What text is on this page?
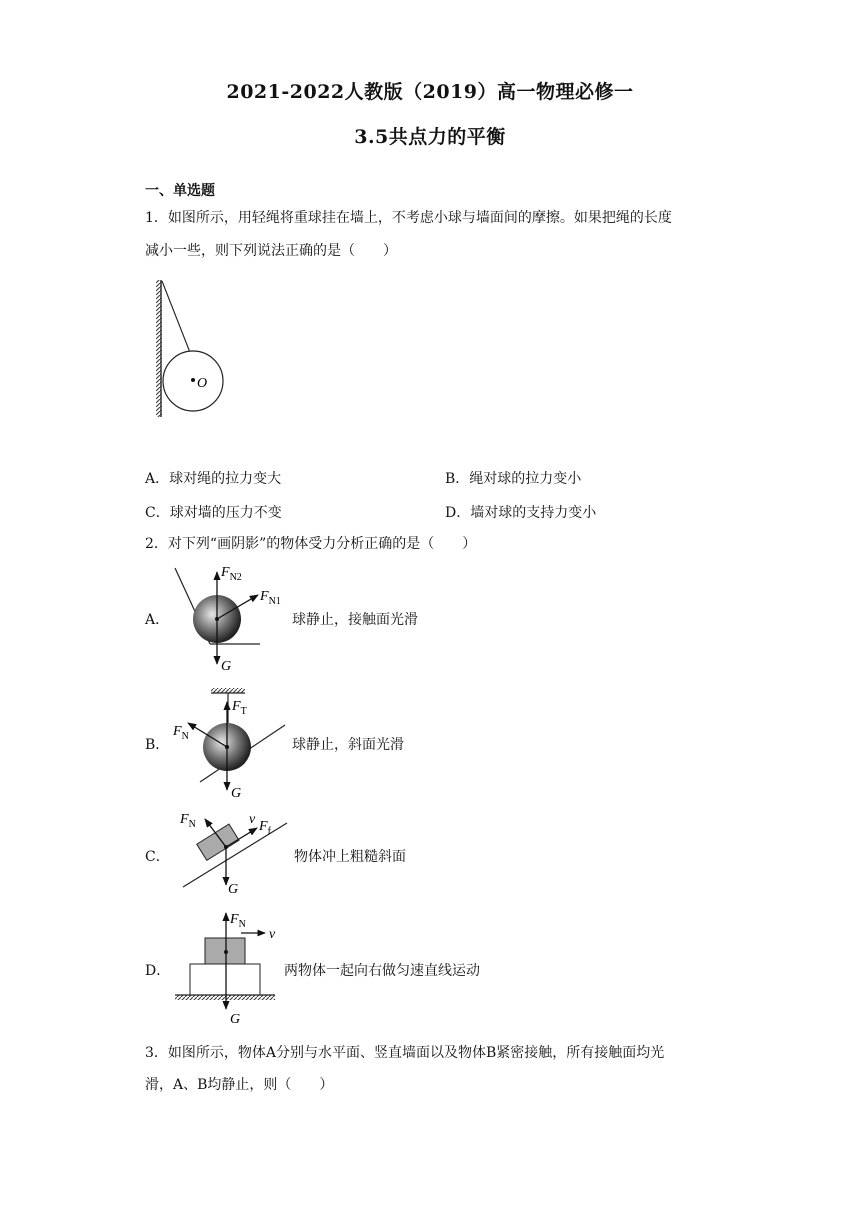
2021-2022人教版（2019）高一物理必修一
3.5共点力的平衡
一、单选题
1．如图所示，用轻绳将重球挂在墙上，不考虑小球与墙面间的摩擦。如果把绳的长度
减小一些，则下列说法正确的是（　　）
O
A．球对绳的拉力变大	B．绳对球的拉力变小
C．球对墙的压力不变	D．墙对球的支持力变小
2．对下列“画阴影”的物体受力分析正确的是（　　）
A．
$F_{N2}$
$F_{N1}$
G
球静止，接触面光滑
B．
$F_T$
$F_N$
G
球静止，斜面光滑
C．
$F_N$	v $F_f$
G
物体冲上粗糙斜面
D．
$F_N$
v
G
两物体一起向右做匀速直线运动
3．如图所示，物体A分别与水平面、竖直墙面以及物体B紧密接触，所有接触面均光
滑，A、B均静止，则（　　）
